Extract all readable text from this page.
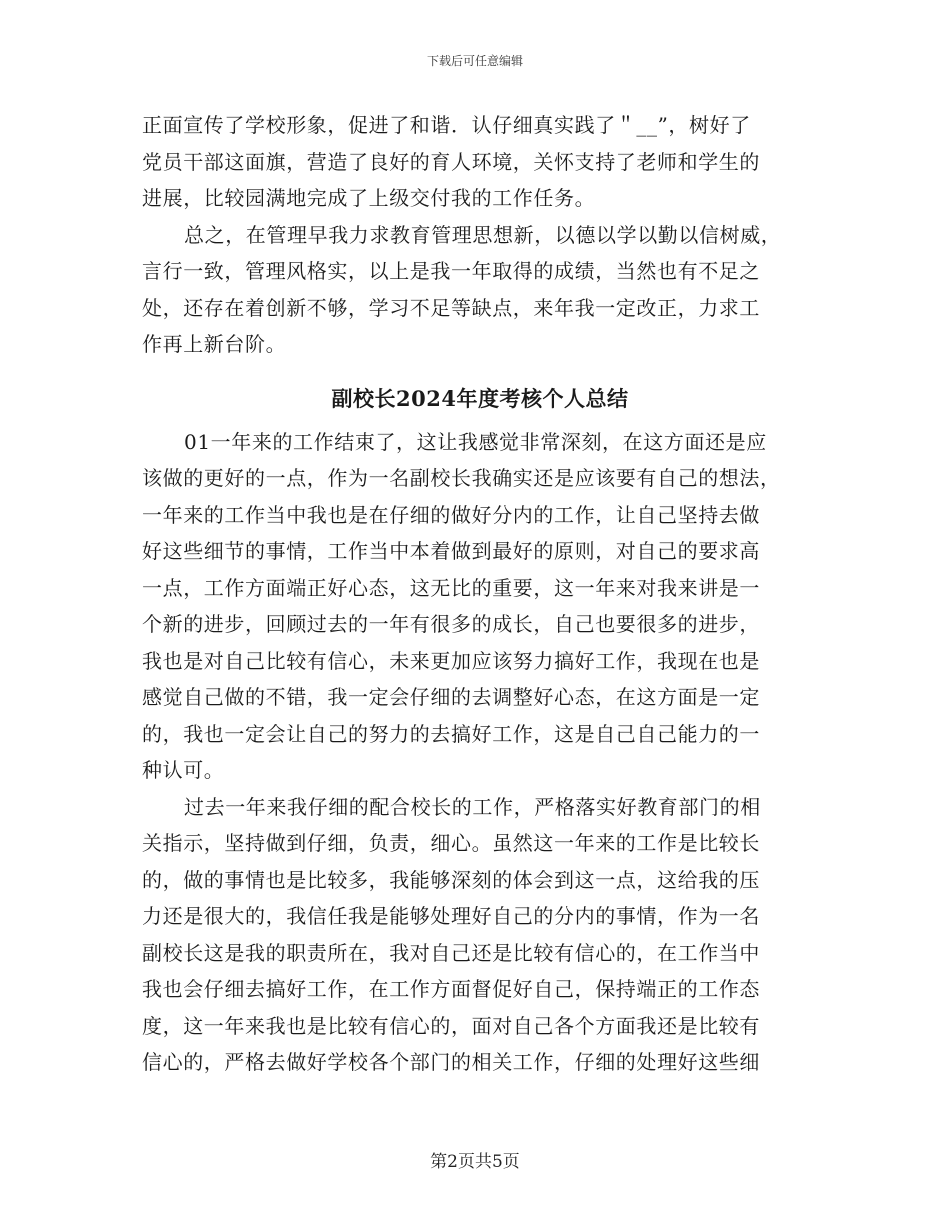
下载后可任意编辑
正面宣传了学校形象，促进了和谐．认仔细真实践了＂__”，树好了
党员干部这面旗，营造了良好的育人环境，关怀支持了老师和学生的
进展，比较园满地完成了上级交付我的工作任务。
总之，在管理早我力求教育管理思想新，以德以学以勤以信树威，
言行一致，管理风格实，以上是我一年取得的成绩，当然也有不足之
处，还存在着创新不够，学习不足等缺点，来年我一定改正，力求工
作再上新台阶。
副校长2024年度考核个人总结
01一年来的工作结束了，这让我感觉非常深刻，在这方面还是应
该做的更好的一点，作为一名副校长我确实还是应该要有自己的想法，
一年来的工作当中我也是在仔细的做好分内的工作，让自己坚持去做
好这些细节的事情，工作当中本着做到最好的原则，对自己的要求高
一点，工作方面端正好心态，这无比的重要，这一年来对我来讲是一
个新的进步，回顾过去的一年有很多的成长，自己也要很多的进步，
我也是对自己比较有信心，未来更加应该努力搞好工作，我现在也是
感觉自己做的不错，我一定会仔细的去调整好心态，在这方面是一定
的，我也一定会让自己的努力的去搞好工作，这是自己自己能力的一
种认可。
过去一年来我仔细的配合校长的工作，严格落实好教育部门的相
关指示，坚持做到仔细，负责，细心。虽然这一年来的工作是比较长
的，做的事情也是比较多，我能够深刻的体会到这一点，这给我的压
力还是很大的，我信任我是能够处理好自己的分内的事情，作为一名
副校长这是我的职责所在，我对自己还是比较有信心的，在工作当中
我也会仔细去搞好工作，在工作方面督促好自己，保持端正的工作态
度，这一年来我也是比较有信心的，面对自己各个方面我还是比较有
信心的，严格去做好学校各个部门的相关工作，仔细的处理好这些细
第2页共5页
